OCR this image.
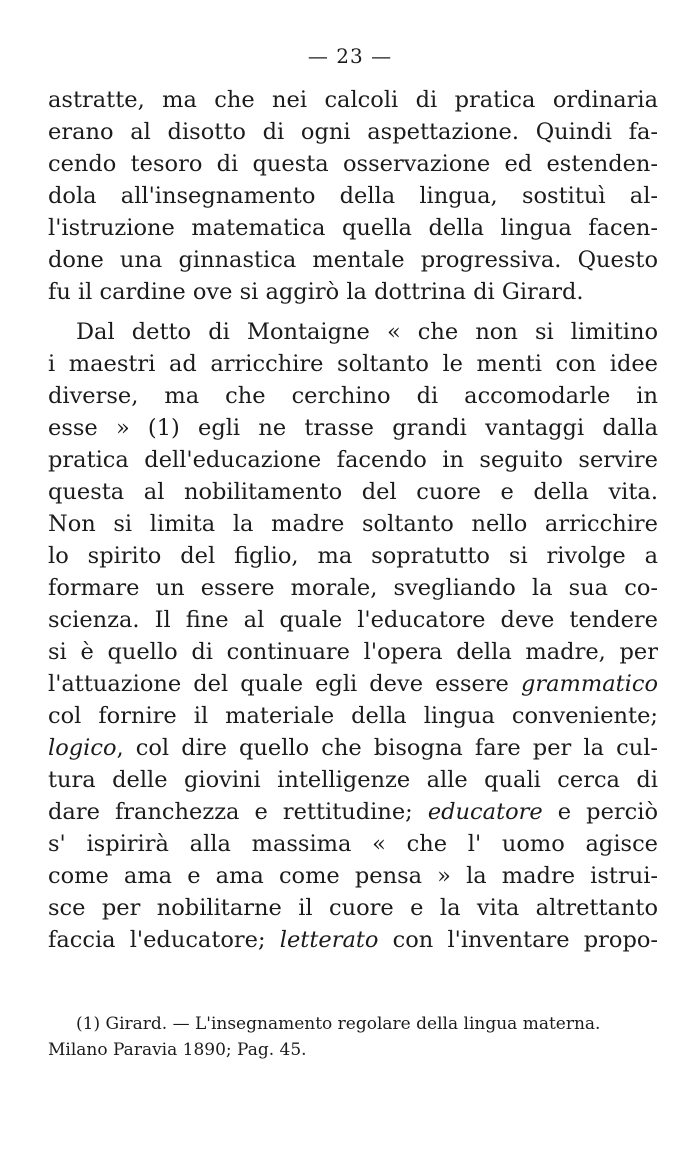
— 23 —
astratte, ma che nei calcoli di pratica ordinaria
erano al disotto di ogni aspettazione. Quindi fa-
cendo tesoro di questa osservazione ed estenden-
dola all'insegnamento della lingua, sostituì al-
l'istruzione matematica quella della lingua facen-
done una ginnastica mentale progressiva. Questo
fu il cardine ove si aggirò la dottrina di Girard.
Dal detto di Montaigne « che non si limitino
i maestri ad arricchire soltanto le menti con idee
diverse, ma che cerchino di accomodarle in
esse » (1) egli ne trasse grandi vantaggi dalla
pratica dell'educazione facendo in seguito servire
questa al nobilitamento del cuore e della vita.
Non si limita la madre soltanto nello arricchire
lo spirito del figlio, ma sopratutto si rivolge a
formare un essere morale, svegliando la sua co-
scienza. Il fine al quale l'educatore deve tendere
si è quello di continuare l'opera della madre, per
l'attuazione del quale egli deve essere grammatico
col fornire il materiale della lingua conveniente;
logico, col dire quello che bisogna fare per la cul-
tura delle giovini intelligenze alle quali cerca di
dare franchezza e rettitudine; educatore e perciò
s' ispirirà alla massima « che l' uomo agisce
come ama e ama come pensa » la madre istrui-
sce per nobilitarne il cuore e la vita altrettanto
faccia l'educatore; letterato con l'inventare propo-
(1) Girard. — L'insegnamento regolare della lingua materna.
Milano Paravia 1890; Pag. 45.
